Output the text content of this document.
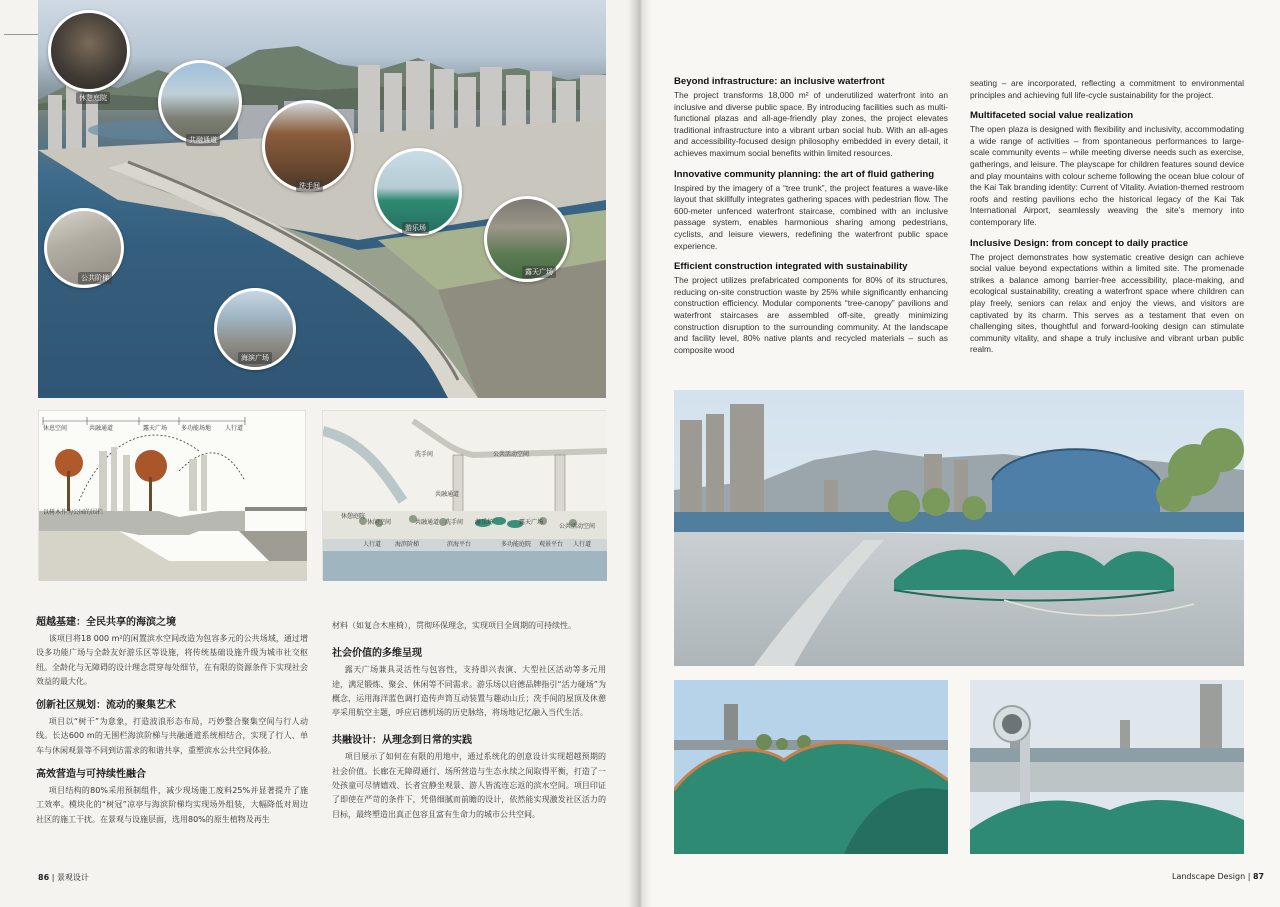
休憩庭院
共融通道
洗手间
游乐场
露天广场
公共阶梯
海滨广场
休息空间	共融通道	露天广场 多功能场地 人行道
以树木作为公园的围栏
休憩庭院
休闲空间	共融通道 洗手间 游乐场	露天广场
公共活动空间
洗手间	公共活动空间
共融通道
人行道 海滨阶梯	滨海平台	多功能庭院 观景平台 人行道
超越基建：全民共享的海滨之境

该项目将18 000 m²的闲置滨水空间改造为包容多元的公共场域，通过增设多功能广场与全龄友好游乐区等设施，将传统基础设施升级为城市社交枢纽。全龄化与无障碍的设计理念贯穿每处细节，在有限的资源条件下实现社会效益的最大化。

创新社区规划：流动的聚集艺术

项目以“树干”为意象，打造波浪形态布局，巧妙整合聚集空间与行人动线。长达600 m的无围栏海滨阶梯与共融通道系统相结合，实现了行人、单车与休闲观景等不同到访需求的和谐共享，重塑滨水公共空间体验。

高效营造与可持续性融合

项目结构的80%采用预制组件，减少现场施工废料25%并显著提升了施工效率。模块化的“树冠”凉亭与海滨阶梯均实现场外组装，大幅降低对周边社区的施工干扰。在景观与设施层面，选用80%的原生植物及再生

材料（如复合木座椅），贯彻环保理念，实现项目全周期的可持续性。

社会价值的多维呈现

露天广场兼具灵活性与包容性，支持即兴表演、大型社区活动等多元用途，满足锻炼、聚会、休闲等不同需求。游乐场以启德品牌指引“活力碰场”为概念，运用海洋蓝色调打造传声筒互动装置与趣动山丘；洗手间的屋顶及休憩亭采用航空主题，呼应启德机场的历史脉络，将场地记忆融入当代生活。

共融设计：从理念到日常的实践

项目展示了如何在有限的用地中，通过系统化的创意设计实现超越预期的社会价值。长廊在无障碍通行、场所营造与生态永续之间取得平衡，打造了一处孩童可尽情嬉戏、长者宜静坐观景、游人皆流连忘返的滨水空间。项目印证了即使在严苛的条件下，凭借细腻而前瞻的设计，依然能实现激发社区活力的目标，最终塑造出真正包容且富有生命力的城市公共空间。

86 | 景观设计
Beyond infrastructure: an inclusive waterfront

The project transforms 18,000 m² of underutilized waterfront into an inclusive and diverse public space. By introducing facilities such as multi-functional plazas and all-age-friendly play zones, the project elevates traditional infrastructure into a vibrant urban social hub. With an all-ages and accessibility-focused design philosophy embedded in every detail, it achieves maximum social benefits within limited resources.

Innovative community planning: the art of fluid gathering

Inspired by the imagery of a “tree trunk”, the project features a wave-like layout that skillfully integrates gathering spaces with pedestrian flow. The 600-meter unfenced waterfront staircase, combined with an inclusive passage system, enables harmonious sharing among pedestrians, cyclists, and leisure viewers, redefining the waterfront public space experience.

Efficient construction integrated with sustainability

The project utilizes prefabricated components for 80% of its structures, reducing on-site construction waste by 25% while significantly enhancing construction efficiency. Modular components “tree-canopy” pavilions and waterfront staircases are assembled off-site, greatly minimizing construction disruption to the surrounding community. At the landscape and facility level, 80% native plants and recycled materials – such as composite wood

seating – are incorporated, reflecting a commitment to environmental principles and achieving full life-cycle sustainability for the project.

Multifaceted social value realization

The open plaza is designed with flexibility and inclusivity, accommodating a wide range of activities – from spontaneous performances to large-scale community events – while meeting diverse needs such as exercise, gatherings, and leisure. The playscape for children features sound device and play mountains with colour scheme following the ocean blue colour of the Kai Tak branding identity: Current of Vitality. Aviation-themed restroom roofs and resting pavilions echo the historical legacy of the Kai Tak International Airport, seamlessly weaving the site’s memory into contemporary life.

Inclusive Design: from concept to daily practice

The project demonstrates how systematic creative design can achieve social value beyond expectations within a limited site. The promenade strikes a balance among barrier-free accessibility, place-making, and ecological sustainability, creating a waterfront space where children can play freely, seniors can relax and enjoy the views, and visitors are captivated by its charm. This serves as a testament that even on challenging sites, thoughtful and forward-looking design can stimulate community vitality, and shape a truly inclusive and vibrant urban public realm.

Landscape Design | 87
